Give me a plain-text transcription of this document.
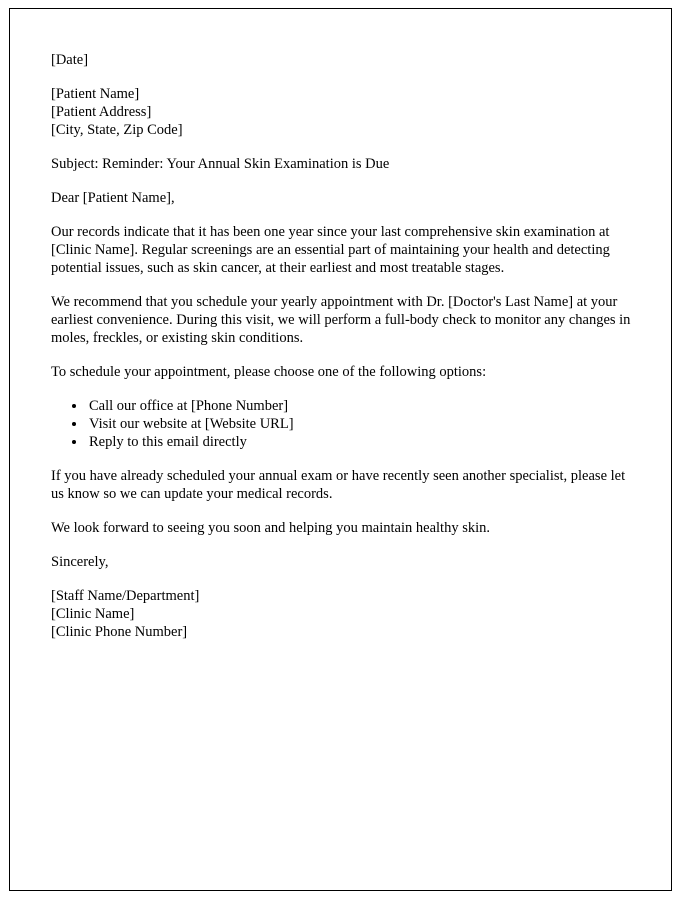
[Date]

[Patient Name]
[Patient Address]
[City, State, Zip Code]

Subject: Reminder: Your Annual Skin Examination is Due

Dear [Patient Name],

Our records indicate that it has been one year since your last comprehensive skin examination at [Clinic Name]. Regular screenings are an essential part of maintaining your health and detecting potential issues, such as skin cancer, at their earliest and most treatable stages.

We recommend that you schedule your yearly appointment with Dr. [Doctor's Last Name] at your earliest convenience. During this visit, we will perform a full-body check to monitor any changes in moles, freckles, or existing skin conditions.

To schedule your appointment, please choose one of the following options:

• Call our office at [Phone Number]
• Visit our website at [Website URL]
• Reply to this email directly

If you have already scheduled your annual exam or have recently seen another specialist, please let us know so we can update your medical records.

We look forward to seeing you soon and helping you maintain healthy skin.

Sincerely,

[Staff Name/Department]
[Clinic Name]
[Clinic Phone Number]
